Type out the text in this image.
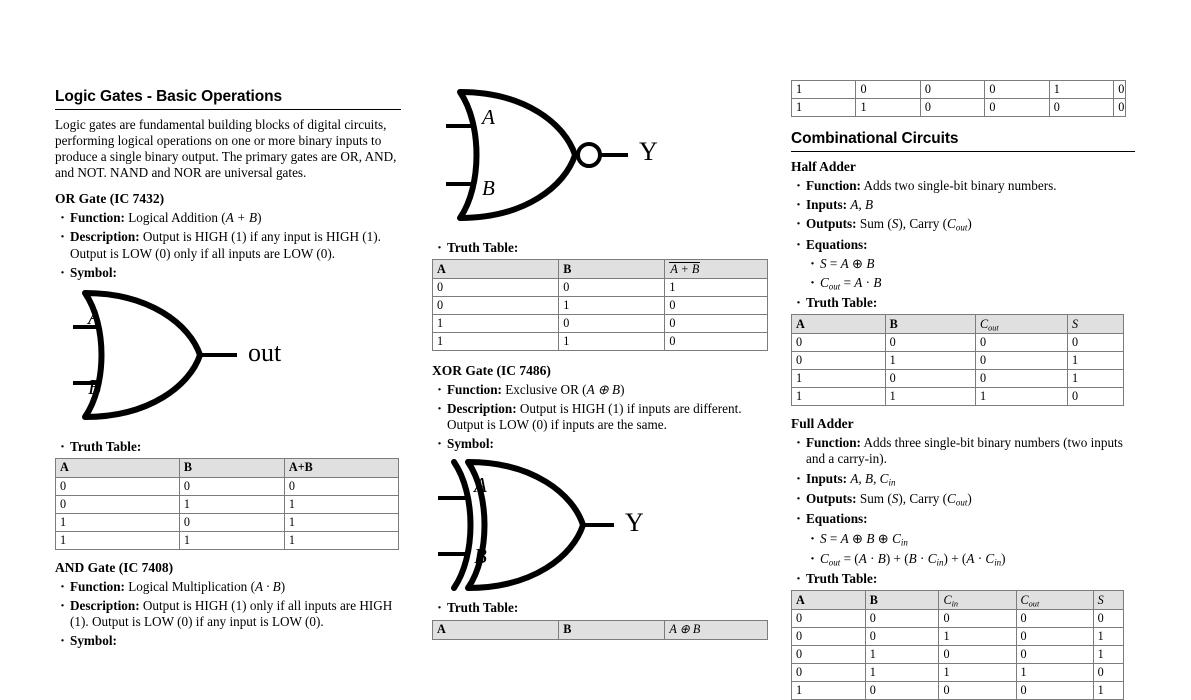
Logic Gates - Basic Operations

Logic gates are fundamental building blocks of digital circuits, performing logical operations on one or more binary inputs to produce a single binary output. The primary gates are OR, AND, and NOT. NAND and NOR are universal gates.

OR Gate (IC 7432)
· Function: Logical Addition (A + B)
· Description: Output is HIGH (1) if any input is HIGH (1). Output is LOW (0) only if all inputs are LOW (0).
· Symbol:
A
B
out
· Truth Table:
A	B	A+B
0	0	0
0	1	1
1	0	1
1	1	1
AND Gate (IC 7408)
· Function: Logical Multiplication (A · B)
· Description: Output is HIGH (1) only if all inputs are HIGH (1). Output is LOW (0) if any input is LOW (0).
· Symbol:
A
B
Y
· Truth Table:
A	B	A + B
0	0	1
0	1	0
1	0	0
1	1	0
XOR Gate (IC 7486)
· Function: Exclusive OR (A ⊕ B)
· Description: Output is HIGH (1) if inputs are different. Output is LOW (0) if inputs are the same.
· Symbol:
A
B
Y
· Truth Table:
A	B	A ⊕ B
1	0	0	0	1	0
1	1	0	0	0	0
Combinational Circuits
Half Adder
· Function: Adds two single-bit binary numbers.
· Inputs: A, B
· Outputs: Sum (S), Carry $(C_{out})$
· Equations:
· S = A ⊕ B
· $C_{out} = A \cdot B$
· Truth Table:
A	B	$C_{out}$	S
0	0	0	0
0	1	0	1
1	0	0	1
1	1	1	0
Full Adder
· Function: Adds three single-bit binary numbers (two inputs and a carry-in).
· Inputs: A, B, $C_{in}$
· Outputs: Sum (S), Carry $(C_{out})$
· Equations:
· S = A ⊕ B ⊕ $C_{in}$
· $C_{out} = (A \cdot B) + (B \cdot C_{in}) + (A \cdot C_{in})$
· Truth Table:
A	B	$C_{in}$	$C_{out}$	S
0	0	0	0	0
0	0	1	0	1
0	1	0	0	1
0	1	1	1	0
1	0	0	0	1
